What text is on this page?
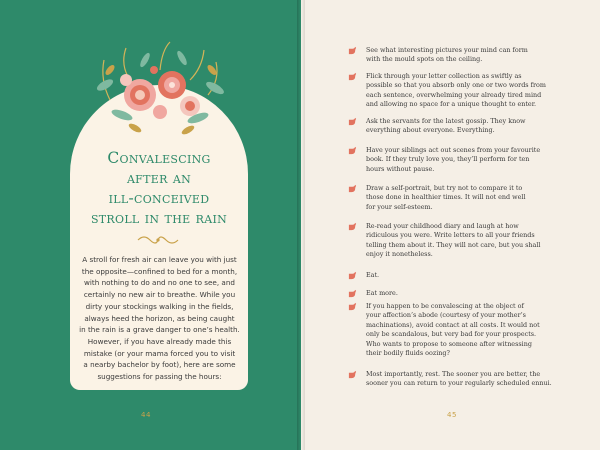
Convalescing
after an
ill-conceived
stroll in the rain

A stroll for fresh air can leave you with just
the opposite—confined to bed for a month,
with nothing to do and no one to see, and
certainly no new air to breathe. While you
dirty your stockings walking in the fields,
always heed the horizon, as being caught
in the rain is a grave danger to one’s health.
However, if you have already made this
mistake (or your mama forced you to visit
a nearby bachelor by foot), here are some
suggestions for passing the hours:

44
See what interesting pictures your mind can form
with the mould spots on the ceiling.
Flick through your letter collection as swiftly as
possible so that you absorb only one or two words from
each sentence, overwhelming your already tired mind
and allowing no space for a unique thought to enter.
Ask the servants for the latest gossip. They know
everything about everyone. Everything.
Have your siblings act out scenes from your favourite
book. If they truly love you, they’ll perform for ten
hours without pause.
Draw a self-portrait, but try not to compare it to
those done in healthier times. It will not end well
for your self-esteem.
Re-read your childhood diary and laugh at how
ridiculous you were. Write letters to all your friends
telling them about it. They will not care, but you shall
enjoy it nonetheless.
Eat.
Eat more.
If you happen to be convalescing at the object of
your affection’s abode (courtesy of your mother’s
machinations), avoid contact at all costs. It would not
only be scandalous, but very bad for your prospects.
Who wants to propose to someone after witnessing
their bodily fluids oozing?
Most importantly, rest. The sooner you are better, the
sooner you can return to your regularly scheduled ennui.
45
